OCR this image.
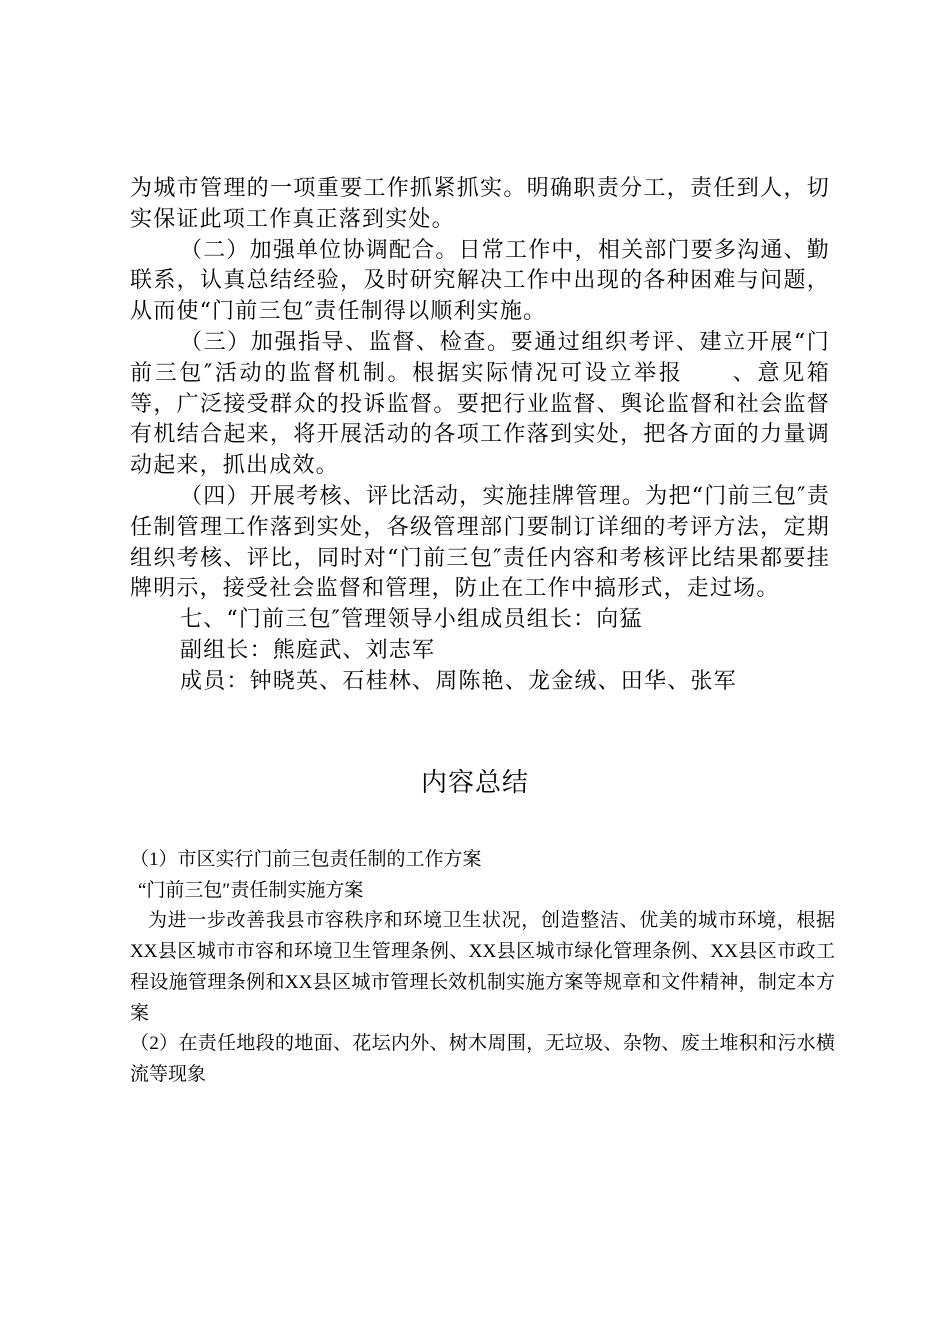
为城市管理的一项重要工作抓紧抓实。明确职责分工，责任到人，切实保证此项工作真正落到实处。

（二）加强单位协调配合。日常工作中，相关部门要多沟通、勤联系，认真总结经验，及时研究解决工作中出现的各种困难与问题，从而使“门前三包″责任制得以顺利实施。

（三）加强指导、监督、检查。要通过组织考评、建立开展“门前三包″活动的监督机制。根据实际情况可设立举报　　、意见箱等，广泛接受群众的投诉监督。要把行业监督、舆论监督和社会监督有机结合起来，将开展活动的各项工作落到实处，把各方面的力量调动起来，抓出成效。

（四）开展考核、评比活动，实施挂牌管理。为把“门前三包″责任制管理工作落到实处，各级管理部门要制订详细的考评方法，定期组织考核、评比，同时对“门前三包″责任内容和考核评比结果都要挂牌明示，接受社会监督和管理，防止在工作中搞形式，走过场。

七、“门前三包″管理领导小组成员组长：向猛

副组长：熊庭武、刘志军

成员：钟晓英、石桂林、周陈艳、龙金绒、田华、张军

内容总结

（1）市区实行门前三包责任制的工作方案

“门前三包″责任制实施方案

为进一步改善我县市容秩序和环境卫生状况，创造整洁、优美的城市环境，根据XX县区城市市容和环境卫生管理条例、XX县区城市绿化管理条例、XX县区市政工程设施管理条例和XX县区城市管理长效机制实施方案等规章和文件精神，制定本方案

（2）在责任地段的地面、花坛内外、树木周围，无垃圾、杂物、废土堆积和污水横流等现象
